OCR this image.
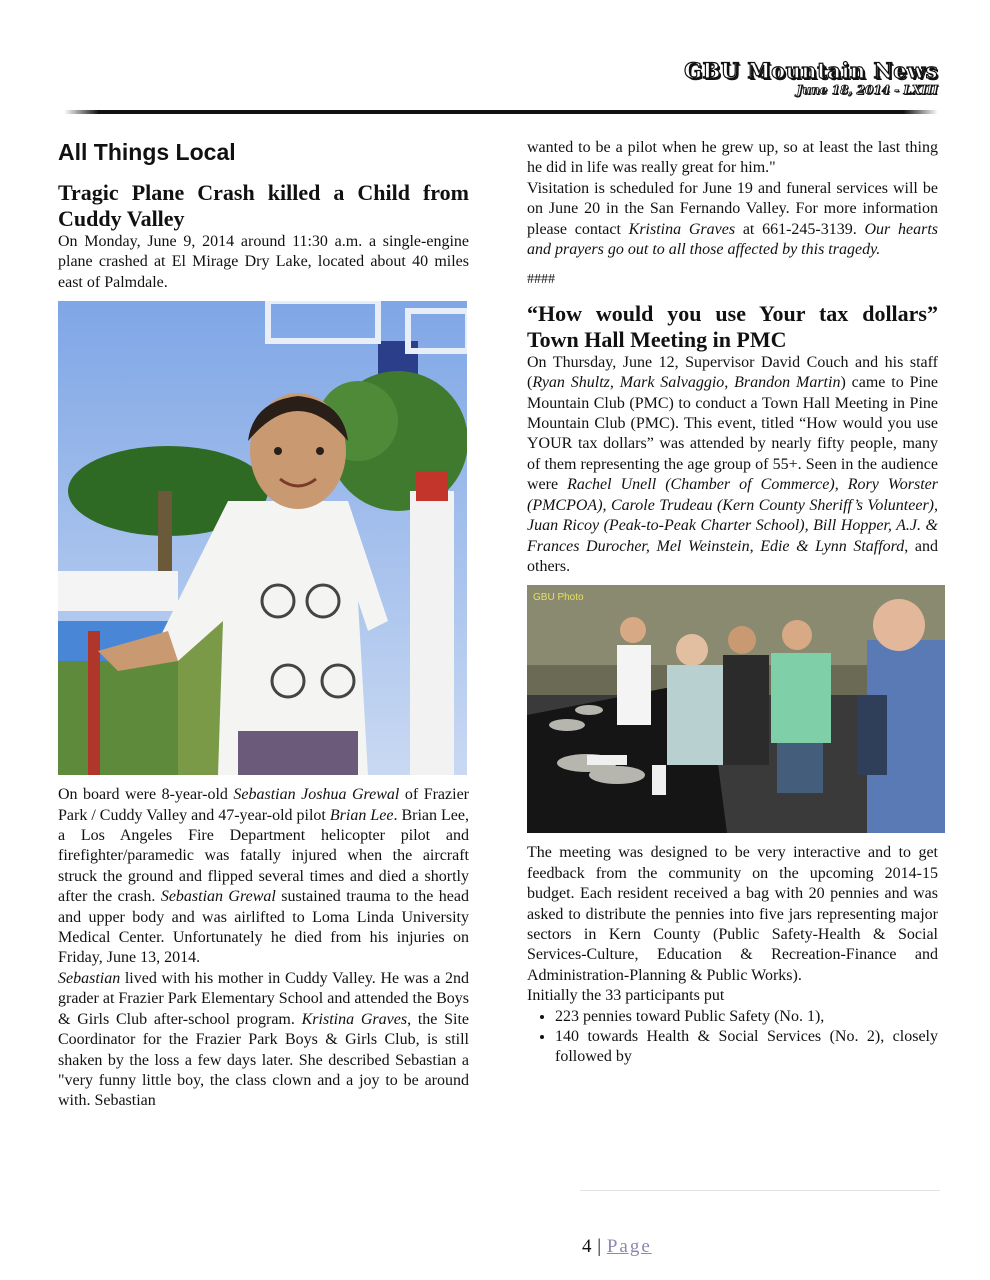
GBU Mountain News
June 18, 2014 - LXIII
All Things Local
Tragic Plane Crash killed a Child from Cuddy Valley

On Monday, June 9, 2014 around 11:30 a.m. a single-engine plane crashed at El Mirage Dry Lake, located about 40 miles east of Palmdale.

On board were 8-year-old Sebastian Joshua Grewal of Frazier Park / Cuddy Valley and 47-year-old pilot Brian Lee. Brian Lee, a Los Angeles Fire Department helicopter pilot and firefighter/paramedic was fatally injured when the aircraft struck the ground and flipped several times and died a shortly after the crash. Sebastian Grewal sustained trauma to the head and upper body and was airlifted to Loma Linda University Medical Center. Unfortunately he died from his injuries on Friday, June 13, 2014.

Sebastian lived with his mother in Cuddy Valley. He was a 2nd grader at Frazier Park Elementary School and attended the Boys & Girls Club after-school program. Kristina Graves, the Site Coordinator for the Frazier Park Boys & Girls Club, is still shaken by the loss a few days later. She described Sebastian a "very funny little boy, the class clown and a joy to be around with. Sebastian

wanted to be a pilot when he grew up, so at least the last thing he did in life was really great for him."

Visitation is scheduled for June 19 and funeral services will be on June 20 in the San Fernando Valley. For more information please contact Kristina Graves at 661-245-3139. Our hearts and prayers go out to all those affected by this tragedy.

####
“How would you use Your tax dollars” Town Hall Meeting in PMC

On Thursday, June 12, Supervisor David Couch and his staff (Ryan Shultz, Mark Salvaggio, Brandon Martin) came to Pine Mountain Club (PMC) to conduct a Town Hall Meeting in Pine Mountain Club (PMC). This event, titled “How would you use YOUR tax dollars” was attended by nearly fifty people, many of them representing the age group of 55+. Seen in the audience were Rachel Unell (Chamber of Commerce), Rory Worster (PMCPOA), Carole Trudeau (Kern County Sheriff’s Volunteer), Juan Ricoy (Peak-to-Peak Charter School), Bill Hopper, A.J. & Frances Durocher, Mel Weinstein, Edie & Lynn Stafford, and others.

GBU Photo

The meeting was designed to be very interactive and to get feedback from the community on the upcoming 2014-15 budget. Each resident received a bag with 20 pennies and was asked to distribute the pennies into five jars representing major sectors in Kern County (Public Safety-Health & Social Services-Culture, Education & Recreation-Finance and Administration-Planning & Public Works).

Initially the 33 participants put

• 223 pennies toward Public Safety (No. 1),
• 140 towards Health & Social Services (No. 2), closely followed by
4 | Page
